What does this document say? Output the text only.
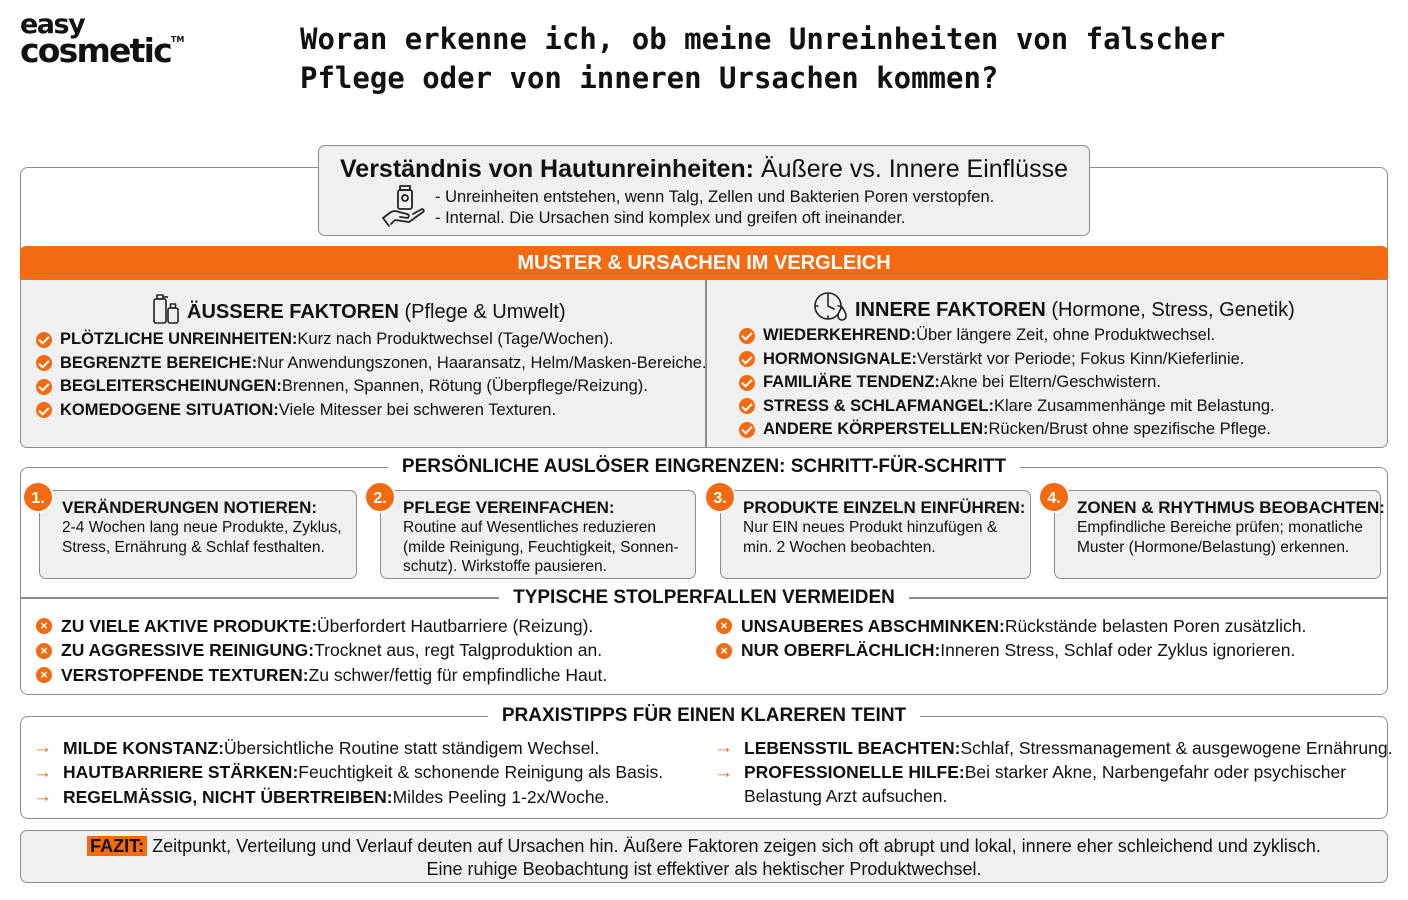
easy
cosmetic™	Woran erkenne ich, ob meine Unreinheiten von falscher
Pflege oder von inneren Ursachen kommen?
Verständnis von Hautunreinheiten: Äußere vs. Innere Einflüsse
- Unreinheiten entstehen, wenn Talg, Zellen und Bakterien Poren verstopfen.
- Internal. Die Ursachen sind komplex und greifen oft ineinander.
MUSTER & URSACHEN IM VERGLEICH
ÄUSSERE FAKTOREN (Pflege & Umwelt)
PLÖTZLICHE UNREINHEITEN: Kurz nach Produktwechsel (Tage/Wochen).
BEGRENZTE BEREICHE: Nur Anwendungszonen, Haaransatz, Helm/Masken-Bereiche.
BEGLEITERSCHEINUNGEN: Brennen, Spannen, Rötung (Überpflege/Reizung).
KOMEDOGENE SITUATION: Viele Mitesser bei schweren Texturen.
INNERE FAKTOREN (Hormone, Stress, Genetik)
WIEDERKEHREND: Über längere Zeit, ohne Produktwechsel.
HORMONSIGNALE: Verstärkt vor Periode; Fokus Kinn/Kieferlinie.
FAMILIÄRE TENDENZ: Akne bei Eltern/Geschwistern.
STRESS & SCHLAFMANGEL: Klare Zusammenhänge mit Belastung.
ANDERE KÖRPERSTELLEN: Rücken/Brust ohne spezifische Pflege.
PERSÖNLICHE AUSLÖSER EINGRENZEN: SCHRITT-FÜR-SCHRITT
TYPISCHE STOLPERFALLEN VERMEIDEN
VERÄNDERUNGEN NOTIEREN:
2-4 Wochen lang neue Produkte, Zyklus,
Stress, Ernährung & Schlaf festhalten.
1.	PFLEGE VEREINFACHEN:
Routine auf Wesentliches reduzieren
(milde Reinigung, Feuchtigkeit, Sonnen-
schutz). Wirkstoffe pausieren.
2.	PRODUKTE EINZELN EINFÜHREN:
Nur EIN neues Produkt hinzufügen &
min. 2 Wochen beobachten.
3.	ZONEN & RHYTHMUS BEOBACHTEN:
Empfindliche Bereiche prüfen; monatliche
Muster (Hormone/Belastung) erkennen.
4.
× ZU VIELE AKTIVE PRODUKTE: Überfordert Hautbarriere (Reizung).
× ZU AGGRESSIVE REINIGUNG: Trocknet aus, regt Talgproduktion an.
× VERSTOPFENDE TEXTUREN: Zu schwer/fettig für empfindliche Haut.
× UNSAUBERES ABSCHMINKEN: Rückstände belasten Poren zusätzlich.
× NUR OBERFLÄCHLICH: Inneren Stress, Schlaf oder Zyklus ignorieren.
PRAXISTIPPS FÜR EINEN KLAREREN TEINT
→ MILDE KONSTANZ: Übersichtliche Routine statt ständigem Wechsel.
→ HAUTBARRIERE STÄRKEN: Feuchtigkeit & schonende Reinigung als Basis.
→ REGELMÄSSIG, NICHT ÜBERTREIBEN: Mildes Peeling 1-2x/Woche.
→ LEBENSSTIL BEACHTEN: Schlaf, Stressmanagement & ausgewogene Ernährung.
→ PROFESSIONELLE HILFE: Bei starker Akne, Narbengefahr oder psychischer
Belastung Arzt aufsuchen.
FAZIT: Zeitpunkt, Verteilung und Verlauf deuten auf Ursachen hin. Äußere Faktoren zeigen sich oft abrupt und lokal, innere eher schleichend und zyklisch.
Eine ruhige Beobachtung ist effektiver als hektischer Produktwechsel.
